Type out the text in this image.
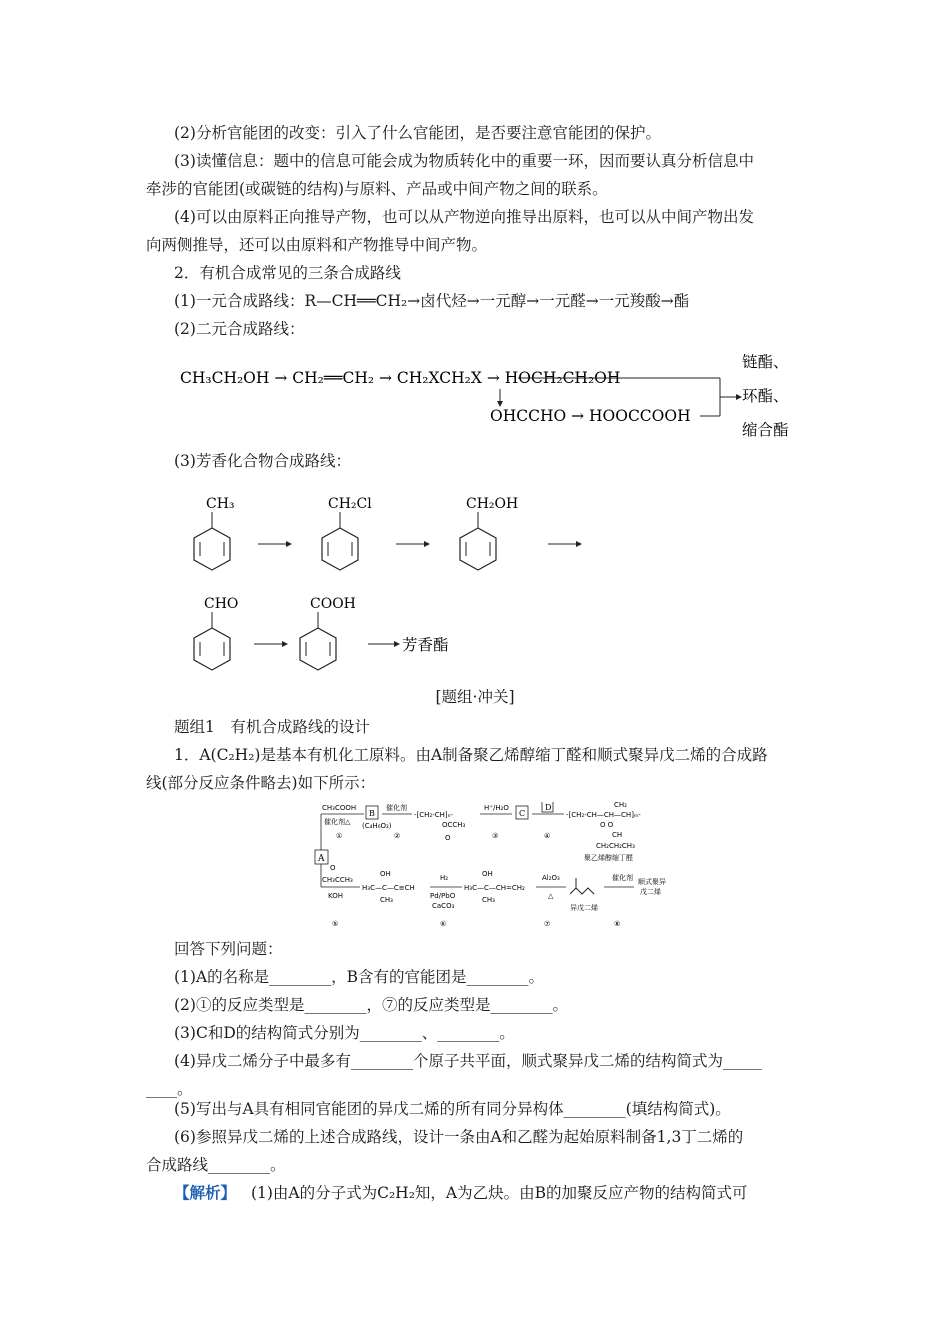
(2)分析官能团的改变：引入了什么官能团，是否要注意官能团的保护。
(3)读懂信息：题中的信息可能会成为物质转化中的重要一环，因而要认真分析信息中
牵涉的官能团(或碳链的结构)与原料、产品或中间产物之间的联系。
(4)可以由原料正向推导产物，也可以从产物逆向推导出原料，也可以从中间产物出发
向两侧推导，还可以由原料和产物推导中间产物。
2．有机合成常见的三条合成路线
(1)一元合成路线：R—CH══CH₂→卤代烃→一元醇→一元醛→一元羧酸→酯
(2)二元合成路线：
CH₃CH₂OH → CH₂══CH₂ → CH₂XCH₂X → HOCH₂CH₂OH
OHCCHO → HOOCCOOH
链酯、
环酯、
缩合酯
(3)芳香化合物合成路线：
CH₃	CH₂Cl	CH₂OH
CHO	COOH
芳香酯
[题组·冲关]
题组1　有机合成路线的设计
1．A(C₂H₂)是基本有机化工原料。由A制备聚乙烯醇缩丁醛和顺式聚异戊二烯的合成路
线(部分反应条件略去)如下所示：
A
CH₃COOH
催化剂△
①
B
(C₄H₆O₂)
催化剂
②
-[CH₂-CH]ₙ-
OCCH₃
O
H⁺/H₂O
③
C
D
④
-[CH₂-CH—CH—CH]ₘ-
CH₂
O O
CH
CH₂CH₂CH₃
聚乙烯醇缩丁醛
O
CH₃CCH₃
KOH
⑤
OH
H₃C—C—C≡CH
CH₃
H₂
Pd/PbO
CaCO₃
⑥
OH
H₃C—C—CH=CH₂
CH₃
Al₂O₃
△
⑦
异戊二烯
催化剂
⑧
顺式聚异
戊二烯
回答下列问题：
(1)A的名称是________，B含有的官能团是________。
(2)①的反应类型是________，⑦的反应类型是________。
(3)C和D的结构简式分别为________、________。
(4)异戊二烯分子中最多有________个原子共平面，顺式聚异戊二烯的结构简式为_____
____。
(5)写出与A具有相同官能团的异戊二烯的所有同分异构体________(填结构简式)。
(6)参照异戊二烯的上述合成路线，设计一条由A和乙醛为起始原料制备1,3丁二烯的
合成路线________。
【解析】 (1)由A的分子式为C₂H₂知，A为乙炔。由B的加聚反应产物的结构简式可
